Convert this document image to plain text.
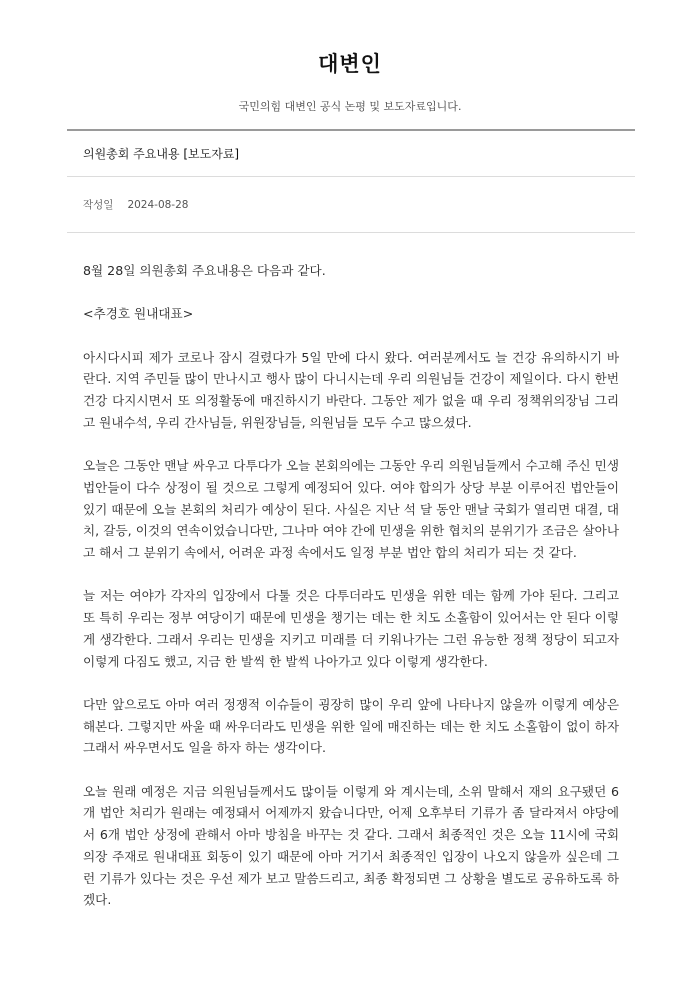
대변인

국민의힘 대변인 공식 논평 및 보도자료입니다.

의원총회 주요내용 [보도자료]
작성일 2024-08-28

8월 28일 의원총회 주요내용은 다음과 같다.

<추경호 원내대표>

아시다시피 제가 코로나 잠시 걸렸다가 5일 만에 다시 왔다. 여러분께서도 늘 건강 유의하시기 바란다. 지역 주민들 많이 만나시고 행사 많이 다니시는데 우리 의원님들 건강이 제일이다. 다시 한번 건강 다지시면서 또 의정활동에 매진하시기 바란다. 그동안 제가 없을 때 우리 정책위의장님 그리고 원내수석, 우리 간사님들, 위원장님들, 의원님들 모두 수고 많으셨다.

오늘은 그동안 맨날 싸우고 다투다가 오늘 본회의에는 그동안 우리 의원님들께서 수고해 주신 민생법안들이 다수 상정이 될 것으로 그렇게 예정되어 있다. 여야 합의가 상당 부분 이루어진 법안들이 있기 때문에 오늘 본회의 처리가 예상이 된다. 사실은 지난 석 달 동안 맨날 국회가 열리면 대결, 대치, 갈등, 이것의 연속이었습니다만, 그나마 여야 간에 민생을 위한 협치의 분위기가 조금은 살아나고 해서 그 분위기 속에서, 어려운 과정 속에서도 일정 부분 법안 합의 처리가 되는 것 같다.

늘 저는 여야가 각자의 입장에서 다툴 것은 다투더라도 민생을 위한 데는 함께 가야 된다. 그리고 또 특히 우리는 정부 여당이기 때문에 민생을 챙기는 데는 한 치도 소홀함이 있어서는 안 된다 이렇게 생각한다. 그래서 우리는 민생을 지키고 미래를 더 키워나가는 그런 유능한 정책 정당이 되고자 이렇게 다짐도 했고, 지금 한 발씩 한 발씩 나아가고 있다 이렇게 생각한다.

다만 앞으로도 아마 여러 정쟁적 이슈들이 굉장히 많이 우리 앞에 나타나지 않을까 이렇게 예상은 해본다. 그렇지만 싸울 때 싸우더라도 민생을 위한 일에 매진하는 데는 한 치도 소홀함이 없이 하자 그래서 싸우면서도 일을 하자 하는 생각이다.

오늘 원래 예정은 지금 의원님들께서도 많이들 이렇게 와 계시는데, 소위 말해서 재의 요구됐던 6개 법안 처리가 원래는 예정돼서 어제까지 왔습니다만, 어제 오후부터 기류가 좀 달라져서 야당에서 6개 법안 상정에 관해서 아마 방침을 바꾸는 것 같다. 그래서 최종적인 것은 오늘 11시에 국회의장 주재로 원내대표 회동이 있기 때문에 아마 거기서 최종적인 입장이 나오지 않을까 싶은데 그런 기류가 있다는 것은 우선 제가 보고 말씀드리고, 최종 확정되면 그 상황을 별도로 공유하도록 하겠다.
